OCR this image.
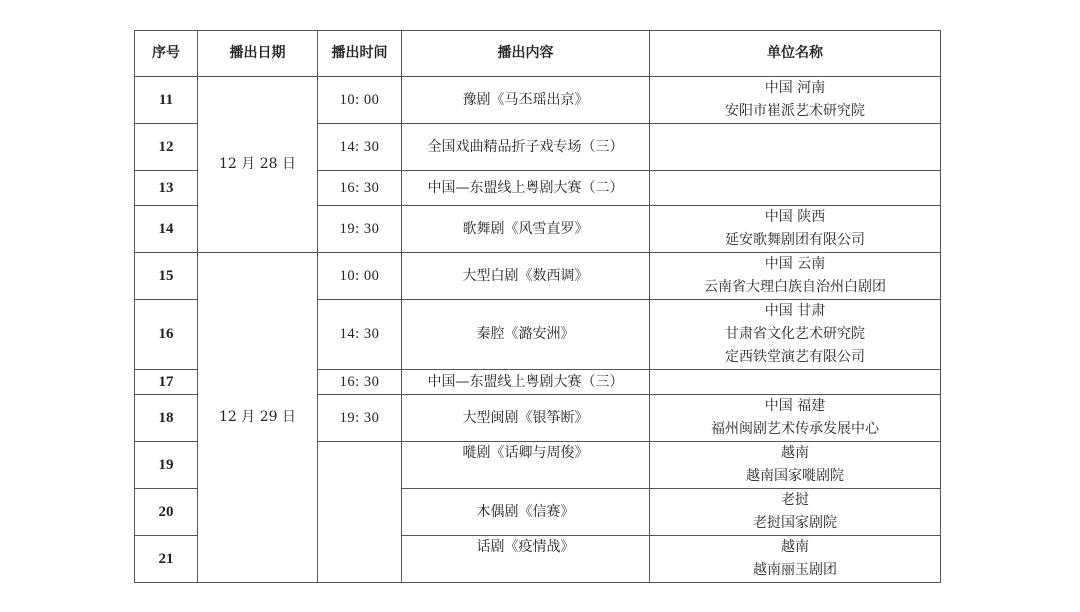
序号	播出日期	播出时间	播出内容	单位名称
11	12 月 28 日	10: 00	豫剧《马丕瑶出京》	中国 河南
安阳市崔派艺术研究院

12		14: 30	全国戏曲精品折子戏专场（三）	
13		16: 30	中国—东盟线上粤剧大赛（二）	
14		19: 30	歌舞剧《风雪直罗》	中国 陕西
延安歌舞剧团有限公司

15	12 月 29 日	10: 00	大型白剧《数西调》	中国 云南
云南省大理白族自治州白剧团

16		14: 30	秦腔《潞安洲》	中国 甘肃
甘肃省文化艺术研究院
定西铁堂演艺有限公司

17		16: 30	中国—东盟线上粤剧大赛（三）	
18		19: 30	大型闽剧《银筝断》	中国 福建
福州闽剧艺术传承发展中心

19			嘥剧《话卿与周俊》	越南
越南国家嘥剧院

20			木偶剧《信赛》	老挝
老挝国家剧院

21			话剧《疫情战》	越南
越南丽玉剧团
